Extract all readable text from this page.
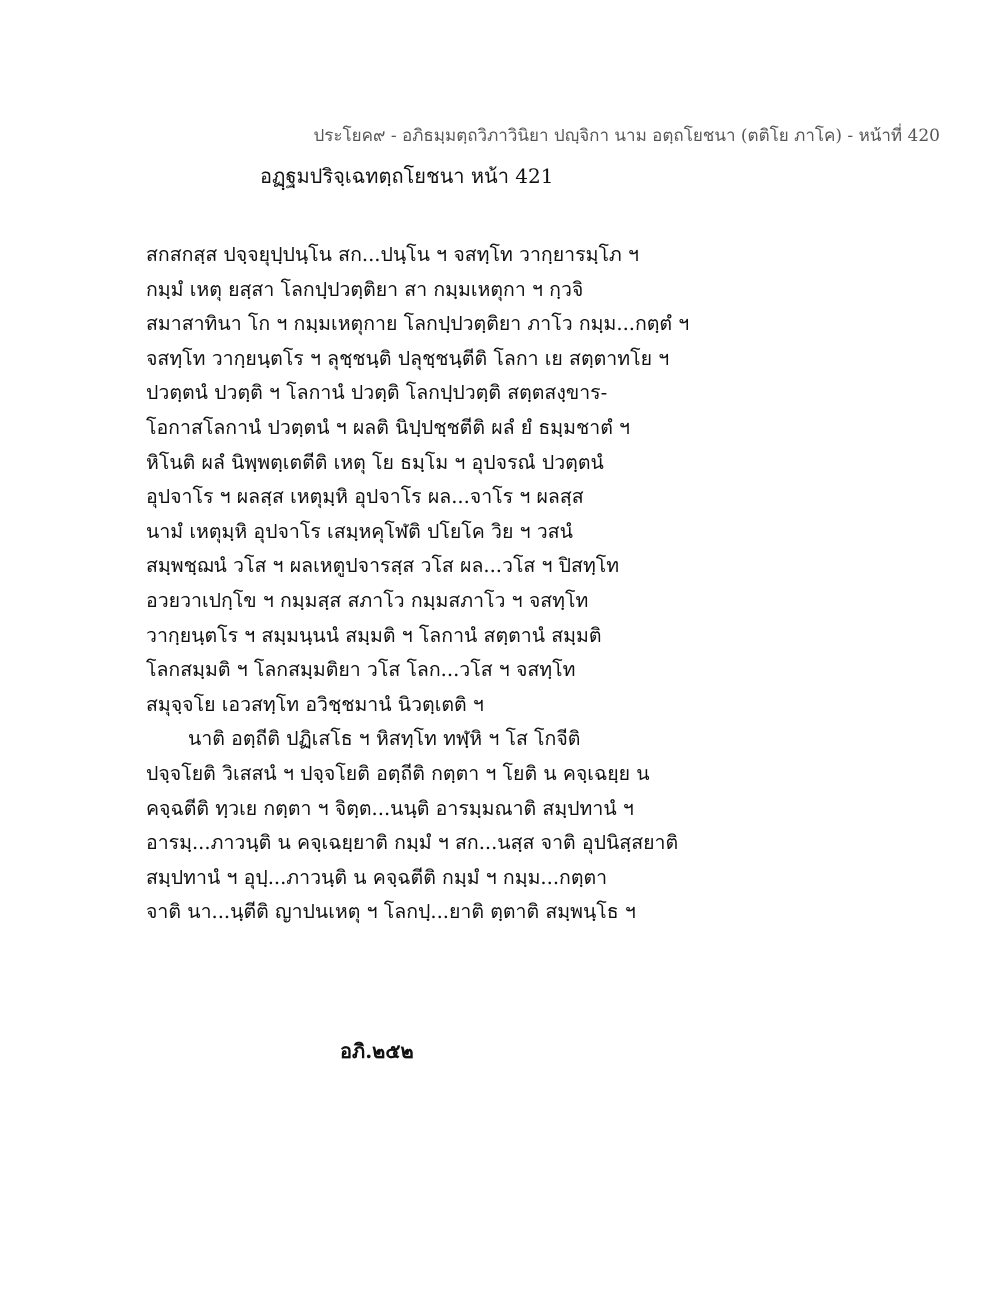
ประโยค๙ - อภิธมฺมตฺถวิภาวินิยา ปญฺจิกา นาม อตฺถโยชนา (ตติโย ภาโค) - หน้าที่ 420
อฏฺฐมปริจฺเฉทตฺถโยชนา หน้า 421
สกสกสฺส ปจฺจยุปฺปนฺโน สก...ปนฺโน ฯ จสทฺโท วากฺยารมฺโภ ฯ
กมฺมํ เหตุ ยสฺสา โลกปฺปวตฺติยา สา กมฺมเหตุกา ฯ กฺวจิ
สมาสาทินา โก ฯ กมฺมเหตุกาย โลกปฺปวตฺติยา ภาโว กมฺม...กตฺตํ ฯ
จสทฺโท วากฺยนฺตโร ฯ ลุชฺชนฺติ ปลุชฺชนฺตีติ โลกา เย สตฺตาทโย ฯ
ปวตฺตนํ ปวตฺติ ฯ โลกานํ ปวตฺติ โลกปฺปวตฺติ สตฺตสงฺขาร-
โอกาสโลกานํ ปวตฺตนํ ฯ ผลติ นิปฺปชฺชตีติ ผลํ ยํ ธมฺมชาตํ ฯ
หิโนติ ผลํ นิพฺพตฺเตตีติ เหตุ โย ธมฺโม ฯ อุปจรณํ ปวตฺตนํ
อุปจาโร ฯ ผลสฺส เหตุมฺหิ อุปจาโร ผล...จาโร ฯ ผลสฺส
นามํ เหตุมฺหิ อุปจาโร เสมฺหคุโฬติ ปโยโค วิย ฯ วสนํ
สมฺพชฺฌนํ วโส ฯ ผลเหตูปจารสฺส วโส ผล...วโส ฯ ปิสทฺโท
อวยวาเปกฺโข ฯ กมฺมสฺส สภาโว กมฺมสภาโว ฯ จสทฺโท
วากฺยนฺตโร ฯ สมฺมนฺนนํ สมฺมติ ฯ โลกานํ สตฺตานํ สมฺมติ
โลกสมฺมติ ฯ โลกสมฺมติยา วโส โลก...วโส ฯ จสทฺโท
สมุจฺจโย เอวสทฺโท อวิชฺชมานํ นิวตฺเตติ ฯ
นาติ อตฺถีติ ปฏิเสโธ ฯ หิสทฺโท ทฬฺหิ ฯ โส โกจีติ
ปจฺจโยติ วิเสสนํ ฯ ปจฺจโยติ อตฺถีติ กตฺตา ฯ โยติ น คจฺเฉยฺย น
คจฺฉตีติ ทฺวเย กตฺตา ฯ จิตฺต...นนฺติ อารมฺมณาติ สมฺปทานํ ฯ
อารมฺ...ภาวนฺติ น คจฺเฉยฺยาติ กมฺมํ ฯ สก...นสฺส จาติ อุปนิสฺสยาติ
สมฺปทานํ ฯ อุปฺ...ภาวนฺติ น คจฺฉตีติ กมฺมํ ฯ กมฺม...กตฺตา
จาติ นา...นฺตีติ ญาปนเหตุ ฯ โลกปฺ...ยาติ ตฺตาติ สมฺพนฺโธ ฯ
อภิ.๒๕๒
